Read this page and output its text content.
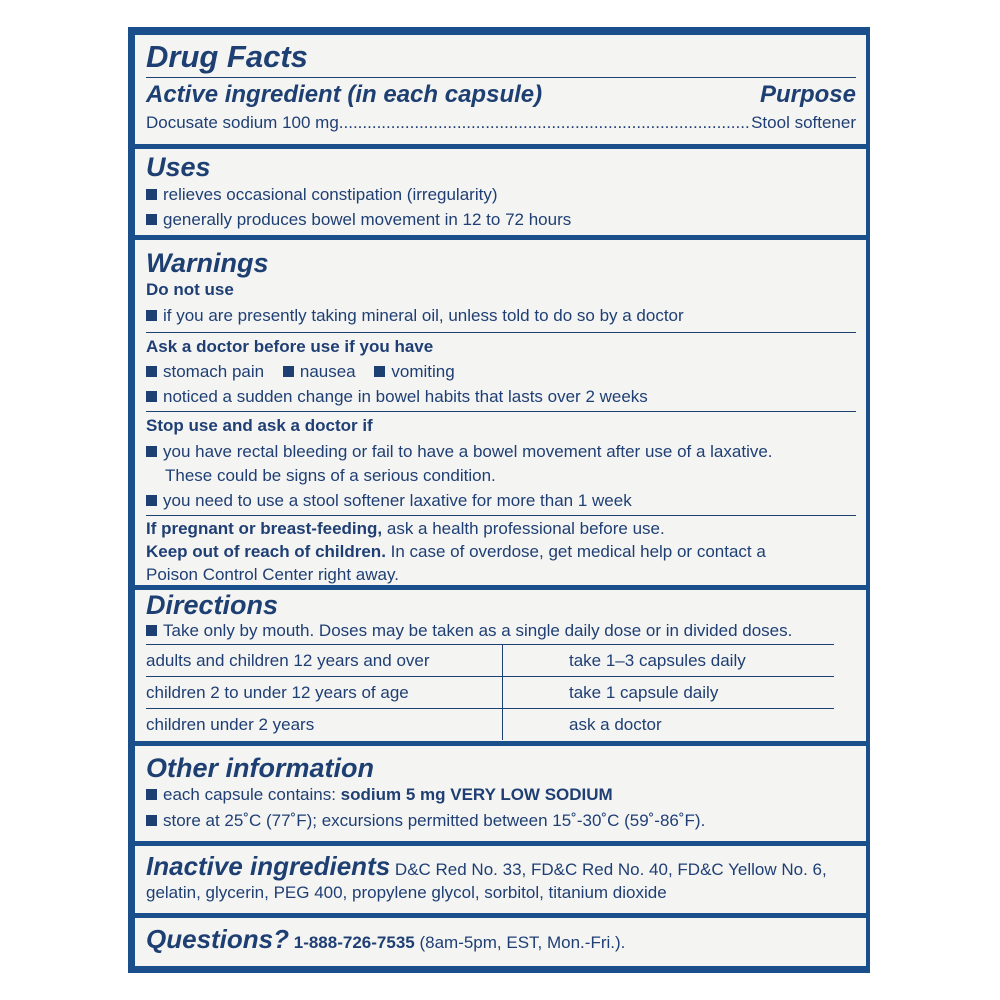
Drug Facts
Active ingredient (in each capsule)	Purpose
Docusate sodium 100 mg .....	Stool softener
Uses
relieves occasional constipation (irregularity)
generally produces bowel movement in 12 to 72 hours
Warnings
Do not use
if you are presently taking mineral oil, unless told to do so by a doctor
Ask a doctor before use if you have
stomach pain nausea vomiting
noticed a sudden change in bowel habits that lasts over 2 weeks
Stop use and ask a doctor if
you have rectal bleeding or fail to have a bowel movement after use of a laxative.
These could be signs of a serious condition.
you need to use a stool softener laxative for more than 1 week
If pregnant or breast-feeding, ask a health professional before use.
Keep out of reach of children. In case of overdose, get medical help or contact a
Poison Control Center right away.
Directions
Take only by mouth. Doses may be taken as a single daily dose or in divided doses.
adults and children 12 years and over	take 1–3 capsules daily
children 2 to under 12 years of age	take 1 capsule daily
children under 2 years	ask a doctor
Other information
each capsule contains: sodium 5 mg VERY LOW SODIUM
store at 25˚C (77˚F); excursions permitted between 15˚-30˚C (59˚-86˚F).
Inactive ingredients D&C Red No. 33, FD&C Red No. 40, FD&C Yellow No. 6,
gelatin, glycerin, PEG 400, propylene glycol, sorbitol, titanium dioxide
Questions? 1-888-726-7535 (8am-5pm, EST, Mon.-Fri.).
